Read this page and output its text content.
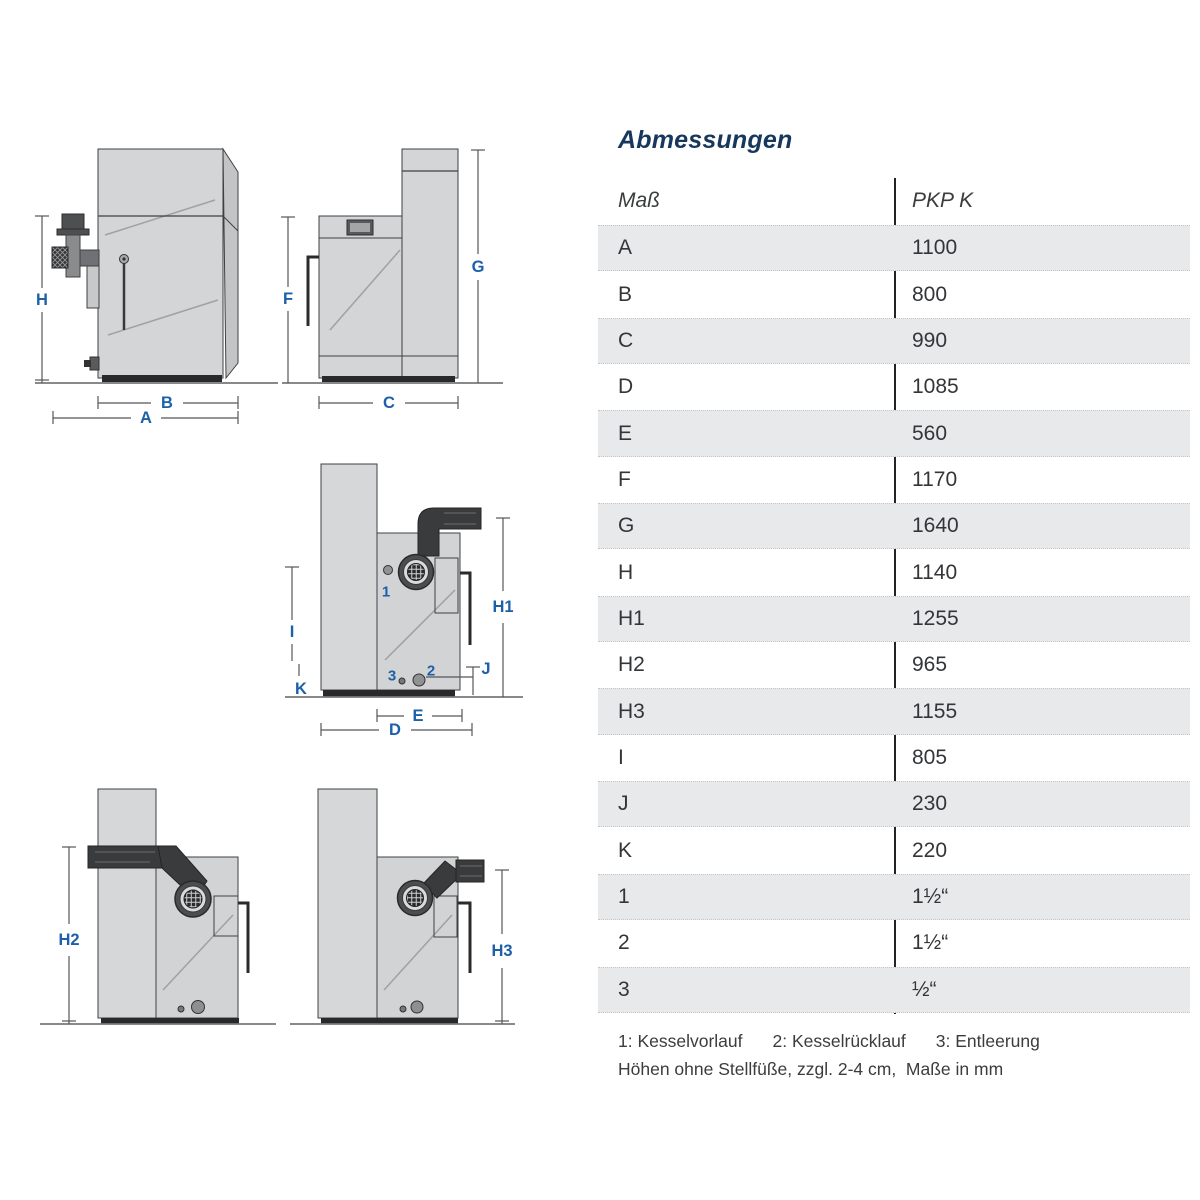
H
B
A
F
G
C
1
3 2
I
K
H1
J
E
D
H2
H3
Abmessungen
Maß	PKP K
A	1100
B	800
C	990
D	1085
E	560
F	1170
G	1640
H	1140
H1	1255
H2	965
H3	1155
I	805
J	230
K	220
1	1½“
2	1½“
3	½“
1: Kesselvorlauf 2: Kesselrücklauf 3: Entleerung
Höhen ohne Stellfüße, zzgl. 2-4 cm,  Maße in mm
